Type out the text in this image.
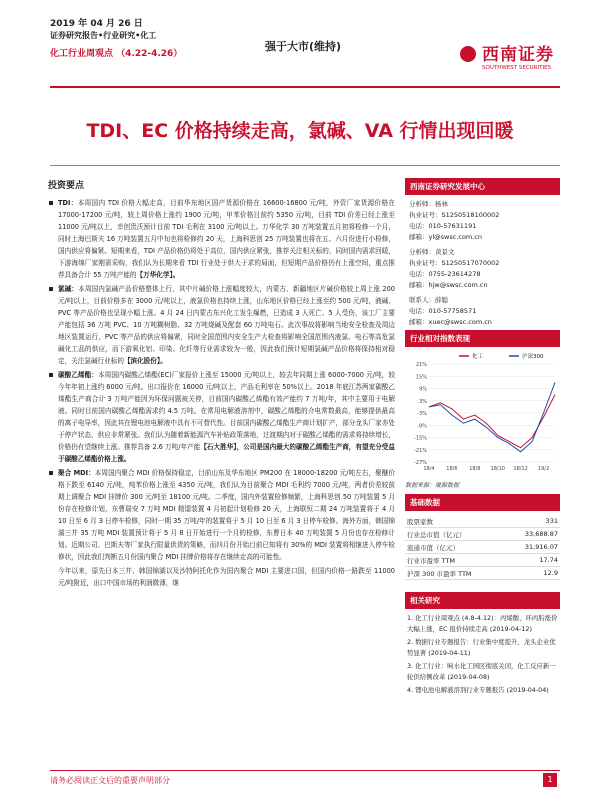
2019 年 04 月 26 日
证券研究报告•行业研究•化工
化工行业周观点 （4.22-4.26）
强于大市(维持)	西南证券
SOUTHWEST SECURITIES
TDI、EC 价格持续走高，氯碱、VA 行情出现回暖
投资要点
TDI：本周国内 TDI 价格大幅走高，目前华东地区国产货源价格在 16600-16800 元/吨，外资厂家货源价格在 17000-17200 元/吨，较上周价格上涨约 1900 元/吨，甲苯价格目前约 5350 元/吨，目前 TDI 价差已经上涨至 11000 元/吨以上，幸创贵沃预计目前 TDI 毛利在 3100 元/吨以上。万华化学 30 万吨装置五月初将检修一个月，同时上海巴斯夫 16 万吨装置五月中旬也将检修约 20 天，上海科思创 25 万吨装置也将在五、六月份进行小检修，国内供应将偏紧。短期来看，TDI 产品价格仍将处于高位，国内供应紧张，推荐关注相关标的，同时国内需求回暖，下游海绵厂家刚需采购，我们认为长期来看 TDI 行业处于供大于求的局面，但短期产品价格仍有上涨空间，重点推荐具备合计 55 万吨产能的【万华化学】。
氯碱：本周国内氯碱产品价格整体上行，其中片碱价格上涨幅度较大，内蒙古、新疆地区片碱价格较上周上涨 200 元/吨以上，目前价格多在 3000 元/吨以上，液氯价格也持续上涨，山东地区价格已经上涨至约 500 元/吨，液碱、PVC 等产品价格也呈现小幅上涨。4 月 24 日内蒙古东兴化工发生爆燃，已造成 3 人死亡、5 人受伤，该工厂主要产能包括 36 万吨 PVC、10 万吨糊树脂、32 万吨烧碱及配套 60 万吨电石。此次事故将影响当地安全检查及周边地区装置运行，PVC 等产品的供应将偏紧，同时全国范围内安全生产大检查将影响全国范围内液氯、电石等高危氯碱化工品的供应，而下游氧化铝、印染、化纤等行业需求较为一般，因此我们预计短期氯碱产品价格将保持相对稳定，关注氯碱行业标的【滨化股份】。
碳酸乙烯酯：本周国内碳酸乙烯酯(EC)厂家报价上涨至 15000 元/吨以上，较去年同期上涨 6000-7000 元/吨，较今年年初上涨约 6000 元/吨。出口报价在 16000 元/吨以上，产品毛利率在 50%以上。2018 年底江苏两家碳酸乙烯酯生产商合计 3 万吨产能因为环保问题被关停，目前国内碳酸乙烯酯有效产能约 7 万吨/年，其中主要用于电解液。同时目前国内碳酸乙烯酯需求约 4.5 万吨。在常用电解液溶剂中，碳酸乙烯酯的介电常数最高，能够提供最高的离子电导率，因此其在锂电池电解液中具有不可替代性。目前国内碳酸乙烯酯生产商计划扩产，部分龙头厂家亦处于停产状态，供应非常紧张。我们认为随着新能源汽车补贴政策落地，过渡期内对于碳酸乙烯酯的需求将持续增长，价格仍有望继续上涨。推荐具备 2.6 万吨/年产能【石大胜华】，公司是国内最大的碳酸乙烯酯生产商，有望充分受益于碳酸乙烯酯价格上涨。
聚合 MDI：本周国内聚合 MDI 价格保持稳定，目前山东及华东地区 PM200 在 18000-18200 元/吨左右，聚醚价格下跌至 6140 元/吨，纯苯价格上涨至 4350 元/吨，我们认为目前聚合 MDI 毛利约 7000 元/吨，两者价差较前期上调聚合 MDI 挂牌价 300 元/吨至 18100 元/吨。二季度，国内外装置检修频繁，上海科思创 50 万吨装置 5 月份存在检修计划，东曹瑞安 7 万吨 MDI 精馏装置 4 月初起计划检修 20 天，上海联恒二期 24 万吨装置将于 4 月 10 日至 6 月 3 日停车检修，同时一期 35 万吨/年的装置将于 5 月 10 日至 6 月 3 日停车检修。海外方面，韩国锦湖三井 35 万吨 MDI 装置预计将于 5 月 8 日开始进行一个月的检修，东曹日本 40 万吨装置 5 月份也存在检修计划。近期公司、巴斯夫等厂家执行限量供货的策略，而四月份开始目前已知将有 30%的 MDI 装置将相继进入停车检修状，因此我们判断五月份国内聚合 MDI 挂牌价格将存在继续走高的可能性。
今年以来，原先日本三井、韩国锦湖以及沙特阿托化作为国内聚合 MDI 主要进口国，但国内价格一路跌至 11000 元/吨附近，出口中国市场的利润微薄，继
西南证券研究发展中心
分析师：杨林
执业证号：S1250518100002
电话：010-57631191
邮箱：yl@swsc.com.cn
分析师：黄景文
执业证号：S1250517070002
电话：0755-23614278
邮箱：hjw@swsc.com.cn
联系人：薛聪
电话：010-57758571
邮箱：xuec@swsc.com.cn
行业相对指数表现
21%
15%
9%
3%
-3%
-9%
-15%
-21%
-27%
18/4 18/6 18/8 18/10 18/12 19/2
化工	沪深300
数据来源：聚源数据
基础数据
股票家数	331
行业总市值（亿元）	33,688.87
流通市值（亿元）	31,916.07
行业市盈率 TTM	17.74
沪深 300 市盈率 TTM	12.9
相关研究
1. 化工行业周观点 (4.8-4.12)：丙烯酸、环丙肟涨价大幅上涨，EC 报价持续走高 (2019-04-12)
2. 数据行业专题报告：行业集中度提升，龙头企业优势显著 (2019-04-11)
3. 化工行业：响水化工园区彻底关闭，化工反应新一轮供给侧改革 (2019-04-08)
4. 锂电池电解液溶剂行业专题报告 (2019-04-04)
请务必阅读正文后的重要声明部分	1
